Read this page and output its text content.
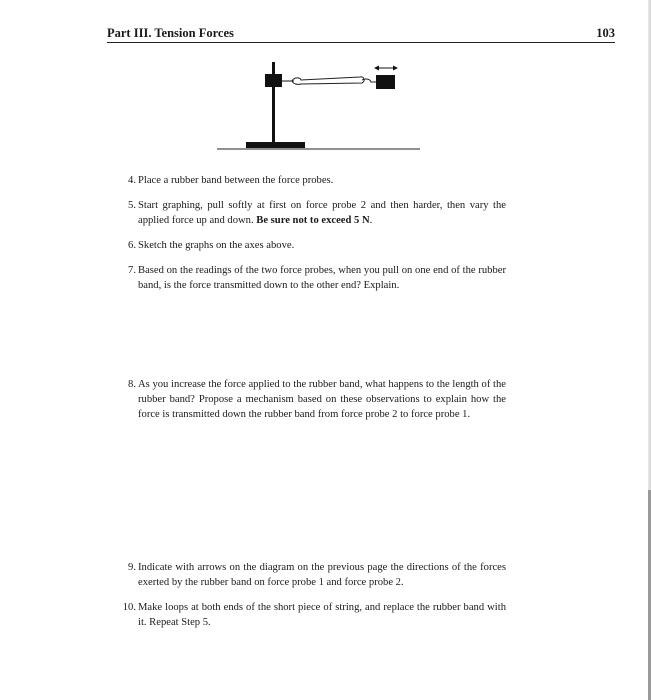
Part III. Tension Forces	103
4. Place a rubber band between the force probes.
5. Start graphing, pull softly at first on force probe 2 and then harder, then vary the applied force up and down. Be sure not to exceed 5 N.
6. Sketch the graphs on the axes above.
7. Based on the readings of the two force probes, when you pull on one end of the rubber band, is the force transmitted down to the other end? Explain.
8. As you increase the force applied to the rubber band, what happens to the length of the rubber band? Propose a mechanism based on these observations to explain how the force is transmitted down the rubber band from force probe 2 to force probe 1.
9. Indicate with arrows on the diagram on the previous page the directions of the forces exerted by the rubber band on force probe 1 and force probe 2.
10. Make loops at both ends of the short piece of string, and replace the rubber band with it. Repeat Step 5.
